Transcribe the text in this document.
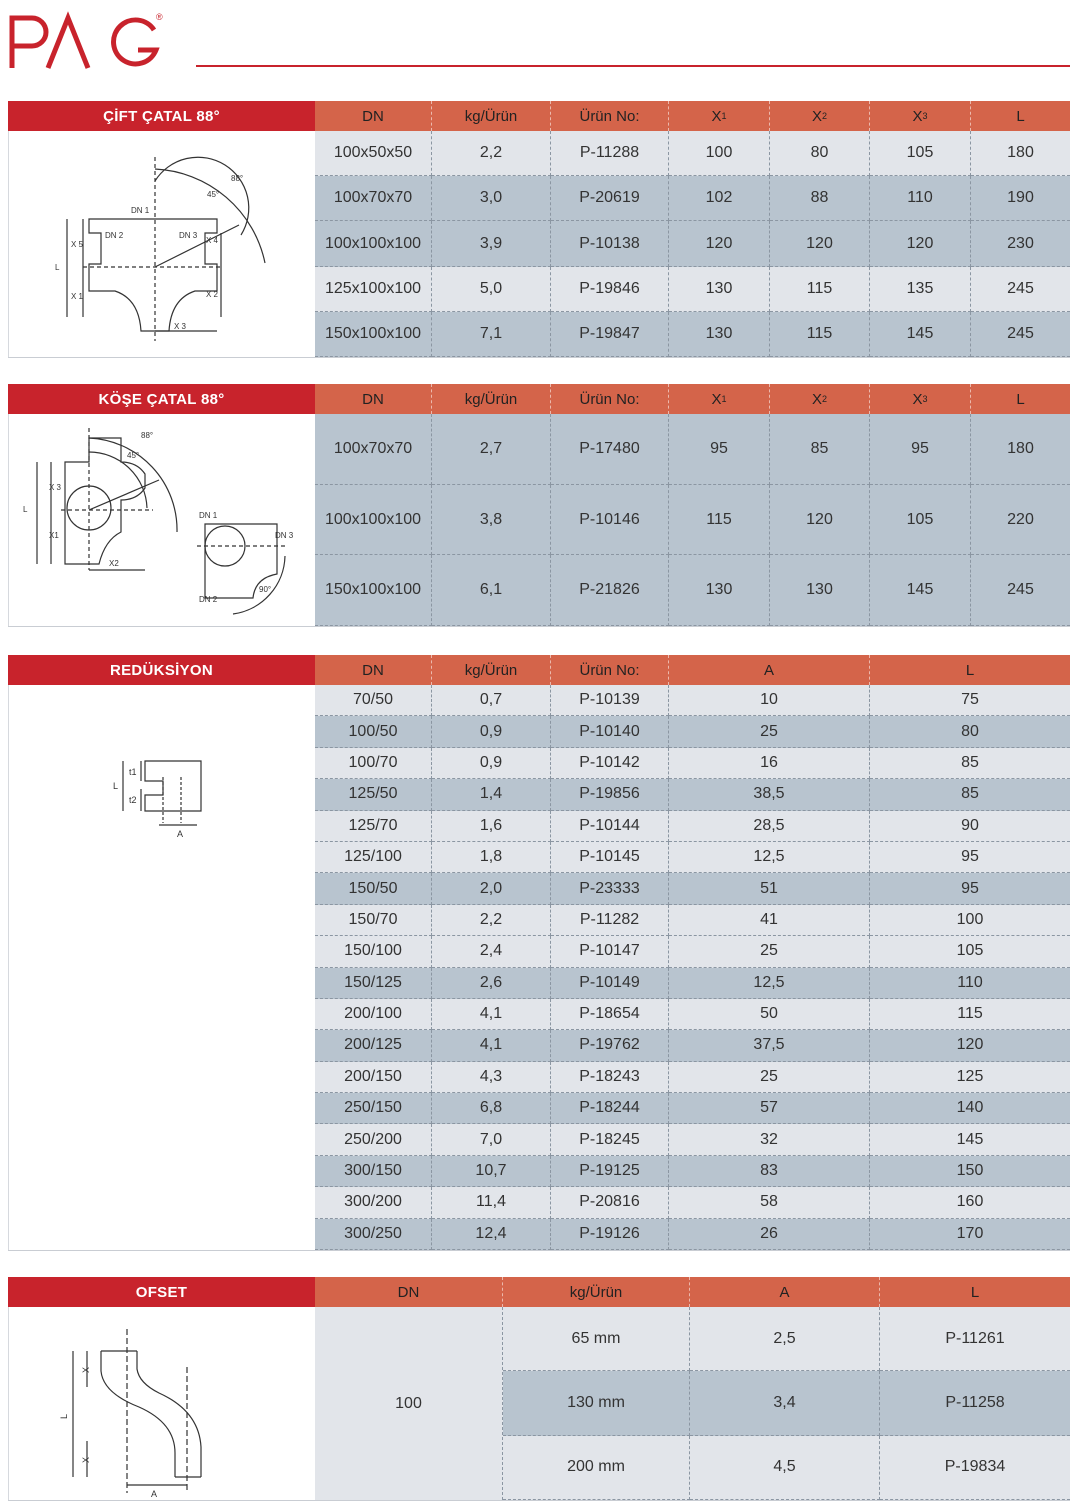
®
ÇİFT ÇATAL 88°	DN	kg/Ürün	Ürün No:	X 1	X 2	X 3	L
88°
45°
DN 1
DN 2	DN 3
X 5	X 4
L
X 1	X 2
X 3
100x50x50	2,2	P-11288	100	80	105	180
100x70x70	3,0	P-20619	102	88	110	190
100x100x100	3,9	P-10138	120	120	120	230
125x100x100	5,0	P-19846	130	115	135	245
150x100x100	7,1	P-19847	130	115	145	245
KÖŞE ÇATAL 88°	DN	kg/Ürün	Ürün No:	X 1	X 2	X 3	L
88°
45°
X 3
L
X1
X2
DN 1
DN 3
DN 2
90°
100x70x70	2,7	P-17480	95	85	95	180
100x100x100	3,8	P-10146	115	120	105	220
150x100x100	6,1	P-21826	130	130	145	245
REDÜKSİYON	DN	kg/Ürün	Ürün No:	A	L
t1
t2
L
A
70/50	0,7	P-10139	10	75
100/50	0,9	P-10140	25	80
100/70	0,9	P-10142	16	85
125/50	1,4	P-19856	38,5	85
125/70	1,6	P-10144	28,5	90
125/100	1,8	P-10145	12,5	95
150/50	2,0	P-23333	51	95
150/70	2,2	P-11282	41	100
150/100	2,4	P-10147	25	105
150/125	2,6	P-10149	12,5	110
200/100	4,1	P-18654	50	115
200/125	4,1	P-19762	37,5	120
200/150	4,3	P-18243	25	125
250/150	6,8	P-18244	57	140
250/200	7,0	P-18245	32	145
300/150	10,7	P-19125	83	150
300/200	11,4	P-20816	58	160
300/250	12,4	P-19126	26	170
OFSET	DN	kg/Ürün	A	L
X
X
L
A
100
65 mm	2,5	P-11261
130 mm	3,4	P-11258
200 mm	4,5	P-19834
